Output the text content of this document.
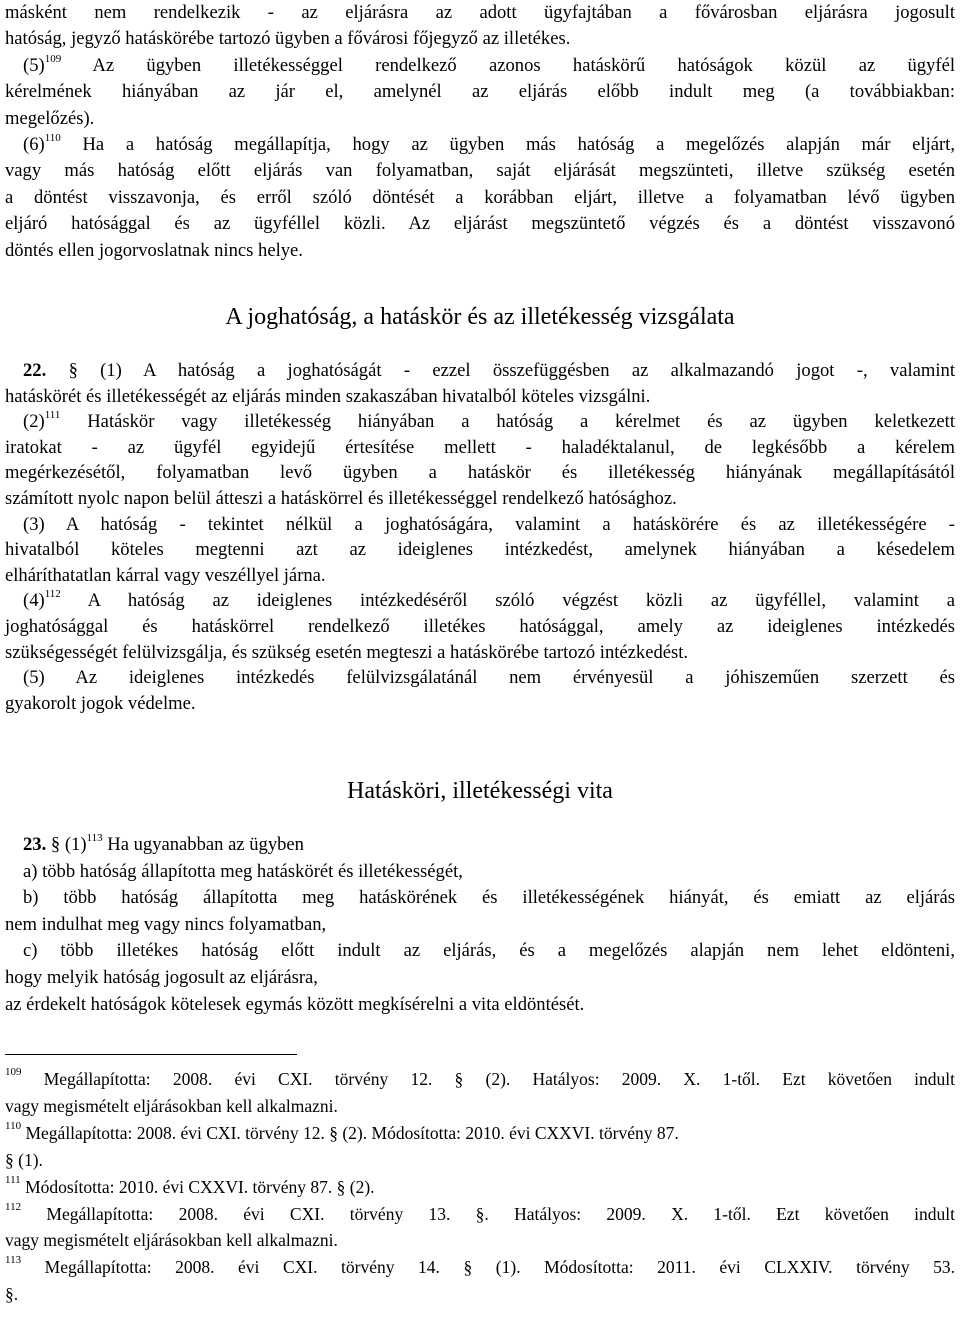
másként nem rendelkezik - az eljárásra az adott ügyfajtában a fővárosban eljárásra jogosult
hatóság, jegyző hatáskörébe tartozó ügyben a fővárosi főjegyző az illetékes.
$(5)^{109}$ Az ügyben illetékességgel rendelkező azonos hatáskörű hatóságok közül az ügyfél
kérelmének hiányában az jár el, amelynél az eljárás előbb indult meg (a továbbiakban:
megelőzés).
$(6)^{110}$ Ha a hatóság megállapítja, hogy az ügyben más hatóság a megelőzés alapján már eljárt,
vagy más hatóság előtt eljárás van folyamatban, saját eljárását megszünteti, illetve szükség esetén
a döntést visszavonja, és erről szóló döntését a korábban eljárt, illetve a folyamatban lévő ügyben
eljáró hatósággal és az ügyféllel közli. Az eljárást megszüntető végzés és a döntést visszavonó
döntés ellen jogorvoslatnak nincs helye.
A joghatóság, a hatáskör és az illetékesség vizsgálata
22. § (1) A hatóság a joghatóságát - ezzel összefüggésben az alkalmazandó jogot -, valamint
hatáskörét és illetékességét az eljárás minden szakaszában hivatalból köteles vizsgálni.
$(2)^{111}$ Hatáskör vagy illetékesség hiányában a hatóság a kérelmet és az ügyben keletkezett
iratokat - az ügyfél egyidejű értesítése mellett - haladéktalanul, de legkésőbb a kérelem
megérkezésétől, folyamatban levő ügyben a hatáskör és illetékesség hiányának megállapításától
számított nyolc napon belül átteszi a hatáskörrel és illetékességgel rendelkező hatósághoz.
(3) A hatóság - tekintet nélkül a joghatóságára, valamint a hatáskörére és az illetékességére -
hivatalból köteles megtenni azt az ideiglenes intézkedést, amelynek hiányában a késedelem
elháríthatatlan kárral vagy veszéllyel járna.
$(4)^{112}$ A hatóság az ideiglenes intézkedéséről szóló végzést közli az ügyféllel, valamint a
joghatósággal és hatáskörrel rendelkező illetékes hatósággal, amely az ideiglenes intézkedés
szükségességét felülvizsgálja, és szükség esetén megteszi a hatáskörébe tartozó intézkedést.
(5) Az ideiglenes intézkedés felülvizsgálatánál nem érvényesül a jóhiszeműen szerzett és
gyakorolt jogok védelme.
Hatásköri, illetékességi vita
23. § $(1)^{113}$ Ha ugyanabban az ügyben
a) több hatóság állapította meg hatáskörét és illetékességét,
b) több hatóság állapította meg hatáskörének és illetékességének hiányát, és emiatt az eljárás
nem indulhat meg vagy nincs folyamatban,
c) több illetékes hatóság előtt indult az eljárás, és a megelőzés alapján nem lehet eldönteni,
hogy melyik hatóság jogosult az eljárásra,
az érdekelt hatóságok kötelesek egymás között megkísérelni a vita eldöntését.
$^{109}$ Megállapította: 2008. évi CXI. törvény 12. § (2). Hatályos: 2009. X. 1-től. Ezt követően indult
vagy megismételt eljárásokban kell alkalmazni.
$^{110}$ Megállapította: 2008. évi CXI. törvény 12. § (2). Módosította: 2010. évi CXXVI. törvény 87.
§ (1).
$^{111}$ Módosította: 2010. évi CXXVI. törvény 87. § (2).
$^{112}$ Megállapította: 2008. évi CXI. törvény 13. §. Hatályos: 2009. X. 1-től. Ezt követően indult
vagy megismételt eljárásokban kell alkalmazni.
$^{113}$ Megállapította: 2008. évi CXI. törvény 14. § (1). Módosította: 2011. évi CLXXIV. törvény 53.
§.
